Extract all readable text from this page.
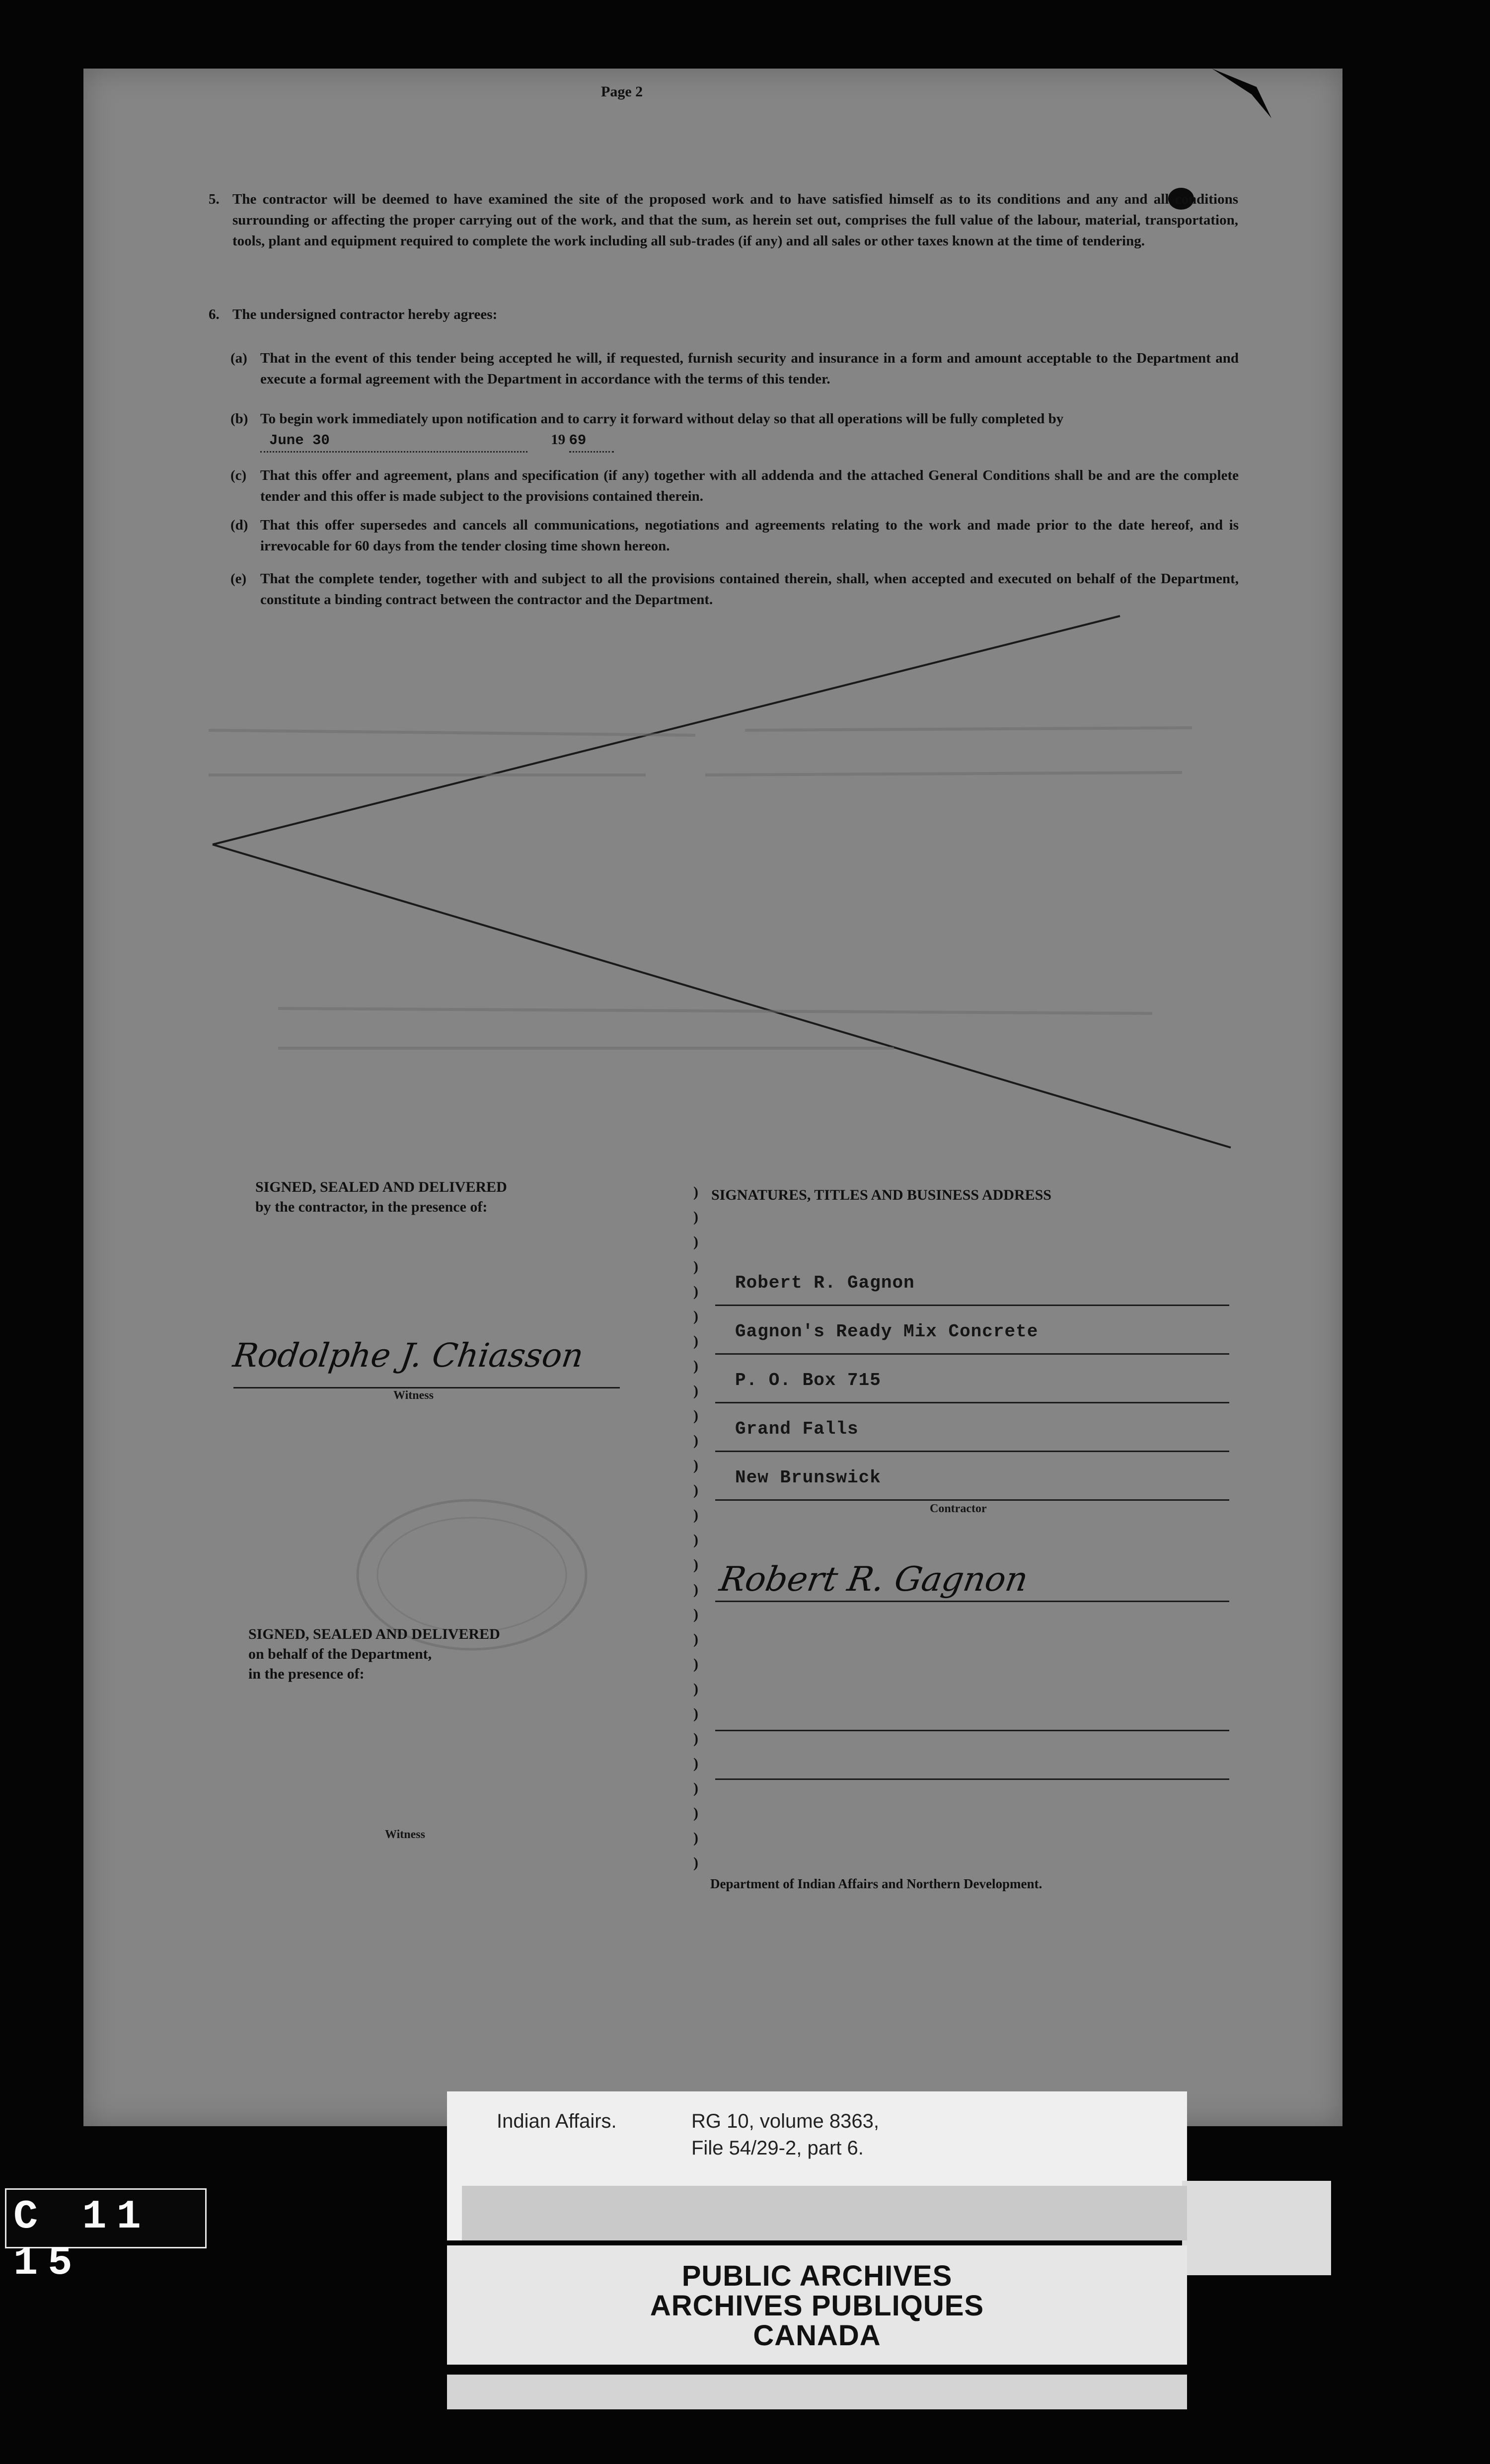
Page 2
5. The contractor will be deemed to have examined the site of the proposed work and to have satisfied himself as to its conditions and any and all conditions surrounding or affecting the proper carrying out of the work, and that the sum, as herein set out, comprises the full value of the labour, material, transportation, tools, plant and equipment required to complete the work including all sub-trades (if any) and all sales or other taxes known at the time of tendering.
6. The undersigned contractor hereby agrees:
(a) That in the event of this tender being accepted he will, if requested, furnish security and insurance in a form and amount acceptable to the Department and execute a formal agreement with the Department in accordance with the terms of this tender.
(b) To begin work immediately upon notification and to carry it forward without delay so that all operations will be fully completed by June 30	19 69
(c) That this offer and agreement, plans and specification (if any) together with all addenda and the attached General Conditions shall be and are the complete tender and this offer is made subject to the provisions contained therein.
(d) That this offer supersedes and cancels all communications, negotiations and agreements relating to the work and made prior to the date hereof, and is irrevocable for 60 days from the tender closing time shown hereon.
(e) That the complete tender, together with and subject to all the provisions contained therein, shall, when accepted and executed on behalf of the Department, constitute a binding contract between the contractor and the Department.
SIGNED, SEALED AND DELIVERED
by the contractor, in the presence of:
Rodolphe J. Chiasson
Witness
SIGNED, SEALED AND DELIVERED
on behalf of the Department,
in the presence of:
Witness
)
)
)
)
)
)
)
)
)
)
)
)
)
)
)
)
)
)
)
)
)
)
)
)
)
)
)
)
SIGNATURES, TITLES AND BUSINESS ADDRESS
Robert R. Gagnon
Gagnon's Ready Mix Concrete
P. O. Box 715
Grand Falls
New Brunswick
Contractor
Robert R. Gagnon
Department of Indian Affairs and Northern Development.
C 11 15
Indian Affairs.	RG 10, volume 8363,
File 54/29-2, part 6.
PUBLIC ARCHIVES
ARCHIVES PUBLIQUES
CANADA
